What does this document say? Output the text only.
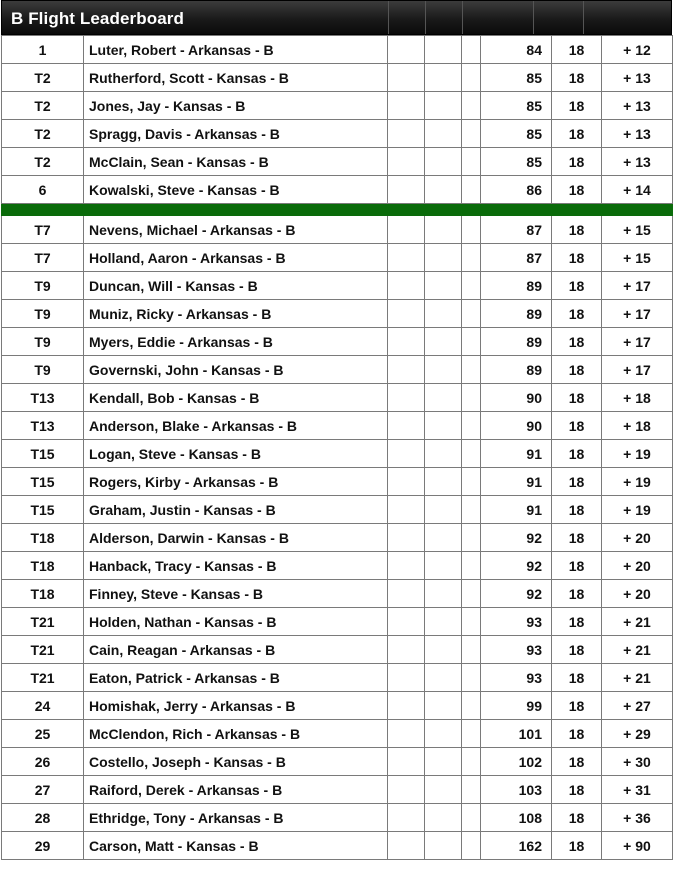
B Flight Leaderboard
1	Luter, Robert - Arkansas - B				84	18	+ 12
T2	Rutherford, Scott - Kansas - B				85	18	+ 13
T2	Jones, Jay - Kansas - B				85	18	+ 13
T2	Spragg, Davis - Arkansas - B				85	18	+ 13
T2	McClain, Sean - Kansas - B				85	18	+ 13
6	Kowalski, Steve - Kansas - B				86	18	+ 14

T7	Nevens, Michael - Arkansas - B				87	18	+ 15
T7	Holland, Aaron - Arkansas - B				87	18	+ 15
T9	Duncan, Will - Kansas - B				89	18	+ 17
T9	Muniz, Ricky - Arkansas - B				89	18	+ 17
T9	Myers, Eddie - Arkansas - B				89	18	+ 17
T9	Governski, John - Kansas - B				89	18	+ 17
T13	Kendall, Bob - Kansas - B				90	18	+ 18
T13	Anderson, Blake - Arkansas - B				90	18	+ 18
T15	Logan, Steve - Kansas - B				91	18	+ 19
T15	Rogers, Kirby - Arkansas - B				91	18	+ 19
T15	Graham, Justin - Kansas - B				91	18	+ 19
T18	Alderson, Darwin - Kansas - B				92	18	+ 20
T18	Hanback, Tracy - Kansas - B				92	18	+ 20
T18	Finney, Steve - Kansas - B				92	18	+ 20
T21	Holden, Nathan - Kansas - B				93	18	+ 21
T21	Cain, Reagan - Arkansas - B				93	18	+ 21
T21	Eaton, Patrick - Arkansas - B				93	18	+ 21
24	Homishak, Jerry - Arkansas - B				99	18	+ 27
25	McClendon, Rich - Arkansas - B				101	18	+ 29
26	Costello, Joseph - Kansas - B				102	18	+ 30
27	Raiford, Derek - Arkansas - B				103	18	+ 31
28	Ethridge, Tony - Arkansas - B				108	18	+ 36
29	Carson, Matt - Kansas - B				162	18	+ 90
